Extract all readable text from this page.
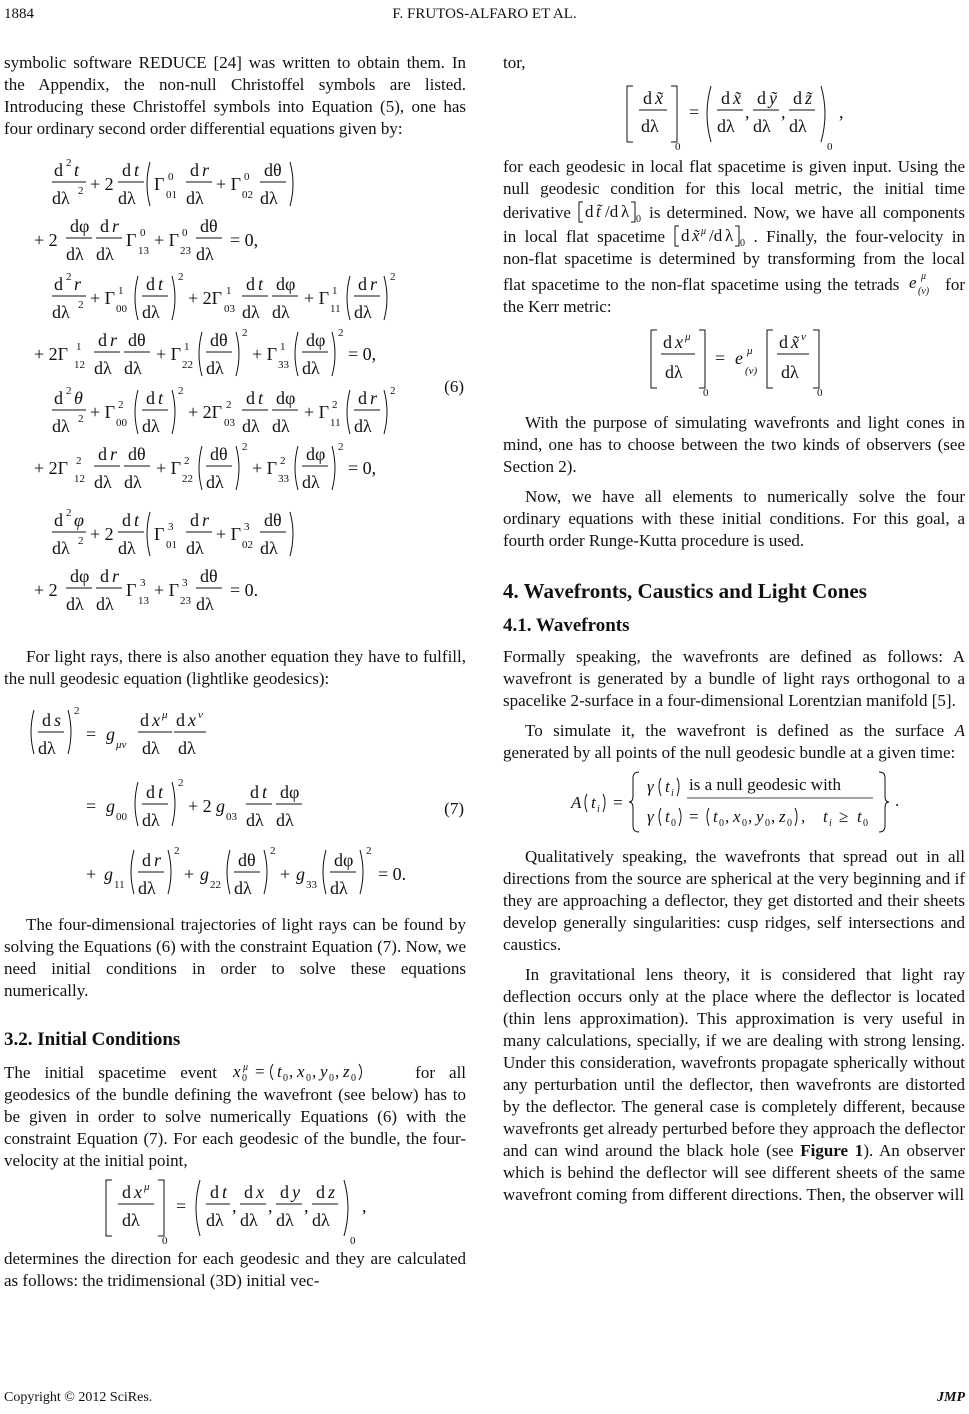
1884	F. FRUTOS-ALFARO ET AL.

symbolic software REDUCE [24] was written to obtain them. In the Appendix, the non-null Christoffel symbols are listed. Introducing these Christoffel symbols into Equation (5), one has four ordinary second order differential equations given by:

d 2 t
dλ 2 + 2
d t
dλ
Γ 0
01
d r
dλ
+ Γ 0
02
dθ
dλ
+ 2
dφ
dλ
d r
dλ
Γ 0
13
+ Γ 0
23
dθ
dλ
= 0,
d 2 r
dλ 2 + Γ 1
00
d t
dλ
2
+ 2Γ 1
03
d t
dλ
dφ
dλ
+ Γ 1
11
d r
dλ
2
+ 2Γ 1
12
d r
dλ
dθ
dλ
+ Γ 1
22
dθ
dλ
2
+ Γ 1
33
dφ
dλ
2
= 0,
d 2 θ
dλ 2 + Γ 2
00
d t
dλ
2
+ 2Γ 2
03
d t
dλ
dφ
dλ
+ Γ 2
11
d r
dλ
2
+ 2Γ 2
12
d r
dλ
dθ
dλ
+ Γ 2
22
dθ
dλ
2
+ Γ 2
33
dφ
dλ
2
= 0,
d 2 φ
dλ 2 + 2
d t
dλ
Γ 3
01
d r
dλ
+ Γ 3
02
dθ
dλ
+ 2
dφ
dλ
d r
dλ
Γ 3
13
+ Γ 3
23
dθ
dλ
= 0.
(6)

For light rays, there is also another equation they have to fulfill, the null geodesic equation (lightlike geodesics):

d s
dλ
2
= g
μν
d x μ
dλ
d x ν
dλ
= g
00
d t
dλ
2
+ 2 g
03
d t
dλ
dφ
dλ
+ g
11
d r
dλ
2
+ g
22
dθ
dλ
2
+ g
33
dφ
dλ
2
= 0.
(7)

The four-dimensional trajectories of light rays can be found by solving the Equations (6) with the constraint Equation (7). Now, we need initial conditions in order to solve these equations numerically.

3.2. Initial Conditions

The initial spacetime event x μ
0 = t 0 , x 0 , y 0 , z 0	for all geodesics of the bundle defining the wavefront (see below) has to be given in order to solve numerically Equations (6) with the constraint Equation (7). For each geodesic of the bundle, the four-velocity at the initial point,

d x μ
dλ
0
=
d t
dλ
,
d x
dλ
,
d y
dλ
,
d z
dλ
0
,

determines the direction for each geodesic and they are calculated as follows: the tridimensional (3D) initial vec-

tor,

d x̃
dλ
0
=
d x̃
dλ
,
d ỹ
dλ
,
d z̃
dλ
0
,

for each geodesic in local flat spacetime is given input. Using the null geodesic condition for this local metric, the initial time derivative d t̃ /d λ 0 is determined. Now, we have all components in local flat spacetime d x̃ μ /d λ 0 . Finally, the four-velocity in non-flat spacetime is determined by transforming from the local flat spacetime to the non-flat spacetime using the tetrads e μ
(ν) for the Kerr metric:

d x μ
dλ
0
= e μ
(ν)
d x̃ ν
dλ
0

With the purpose of simulating wavefronts and light cones in mind, one has to choose between the two kinds of observers (see Section 2).

Now, we have all elements to numerically solve the four ordinary equations with these initial conditions. For this goal, a fourth order Runge-Kutta procedure is used.

4. Wavefronts, Caustics and Light Cones
4.1. Wavefronts

Formally speaking, the wavefronts are defined as follows: A wavefront is generated by a bundle of light rays orthogonal to a spacelike 2-surface in a four-dimensional Lorentzian manifold [5].

To simulate it, the wavefront is defined as the surface A generated by all points of the null geodesic bundle at a given time:

A t i =
γ t i is a null geodesic with
γ t 0 = t 0 , x 0 , y 0 , z 0 , t i ≥ t 0
.

Qualitatively speaking, the wavefronts that spread out in all directions from the source are spherical at the very beginning and if they are approaching a deflector, they get distorted and their sheets develop generally singularities: cusp ridges, self intersections and caustics.

In gravitational lens theory, it is considered that light ray deflection occurs only at the place where the deflector is located (thin lens approximation). This approximation is very useful in many calculations, specially, if we are dealing with strong lensing. Under this consideration, wavefronts propagate spherically without any perturbation until the deflector, then wavefronts are distorted by the deflector. The general case is completely different, because wavefronts get already perturbed before they approach the deflector and can wind around the black hole (see Figure 1). An observer which is behind the deflector will see different sheets of the same wavefront coming from different directions. Then, the observer will

Copyright © 2012 SciRes.	JMP
